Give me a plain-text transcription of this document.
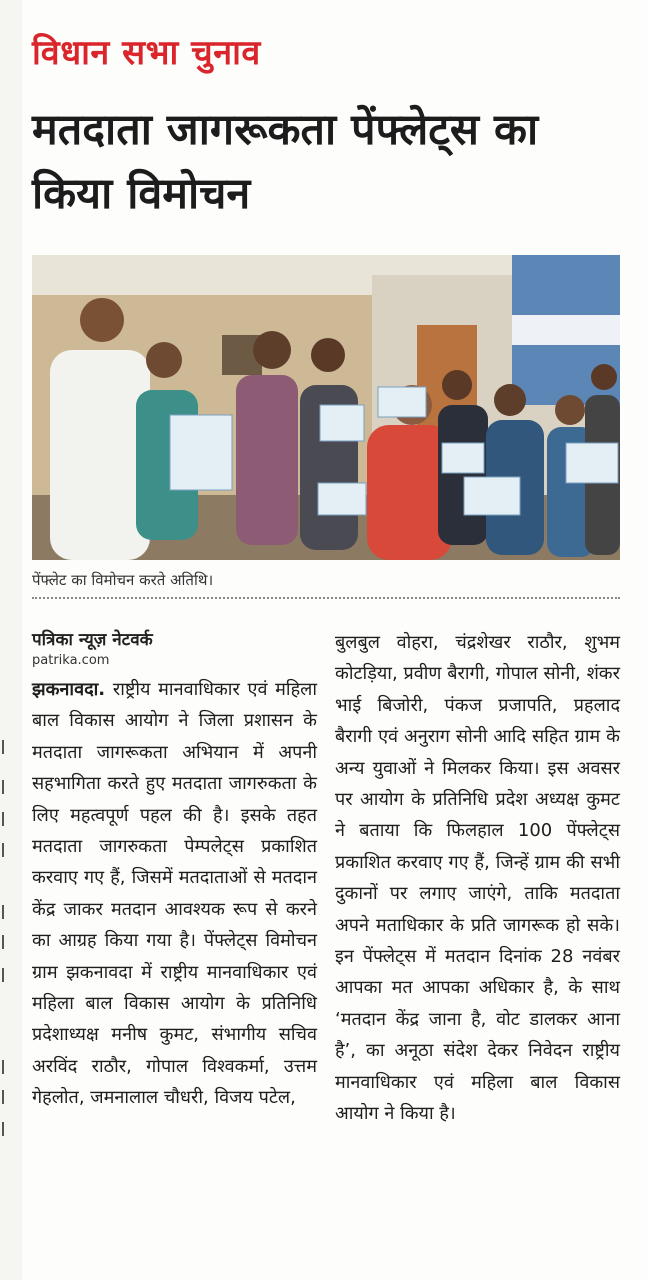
विधान सभा चुनाव
मतदाता जागरूकता पेंफ्लेट्स का किया विमोचन
पेंफ्लेट का विमोचन करते अतिथि।
पत्रिका न्यूज़ नेटवर्क
patrika.com
झकनावदा. राष्ट्रीय मानवाधिकार एवं महिला बाल विकास आयोग ने जिला प्रशासन के मतदाता जागरूकता अभियान में अपनी सहभागिता करते हुए मतदाता जागरुकता के लिए महत्वपूर्ण पहल की है। इसके तहत मतदाता जागरुकता पेम्पलेट्स प्रकाशित करवाए गए हैं, जिसमें मतदाताओं से मतदान केंद्र जाकर मतदान आवश्यक रूप से करने का आग्रह किया गया है। पेंफ्लेट्स विमोचन ग्राम झकनावदा में राष्ट्रीय मानवाधिकार एवं महिला बाल विकास आयोग के प्रतिनिधि प्रदेशाध्यक्ष मनीष कुमट, संभागीय सचिव अरविंद राठौर, गोपाल विश्वकर्मा, उत्तम गेहलोत, जमनालाल चौधरी, विजय पटेल,
बुलबुल वोहरा, चंद्रशेखर राठौर, शुभम कोटड़िया, प्रवीण बैरागी, गोपाल सोनी, शंकर भाई बिजोरी, पंकज प्रजापति, प्रहलाद बैरागी एवं अनुराग सोनी आदि सहित ग्राम के अन्य युवाओं ने मिलकर किया। इस अवसर पर आयोग के प्रतिनिधि प्रदेश अध्यक्ष कुमट ने बताया कि फिलहाल 100 पेंफ्लेट्स प्रकाशित करवाए गए हैं, जिन्हें ग्राम की सभी दुकानों पर लगाए जाएंगे, ताकि मतदाता अपने मताधिकार के प्रति जागरूक हो सके। इन पेंफ्लेट्स में मतदान दिनांक 28 नवंबर आपका मत आपका अधिकार है, के साथ ‘मतदान केंद्र जाना है, वोट डालकर आना है’, का अनूठा संदेश देकर निवेदन राष्ट्रीय मानवाधिकार एवं महिला बाल विकास आयोग ने किया है।
